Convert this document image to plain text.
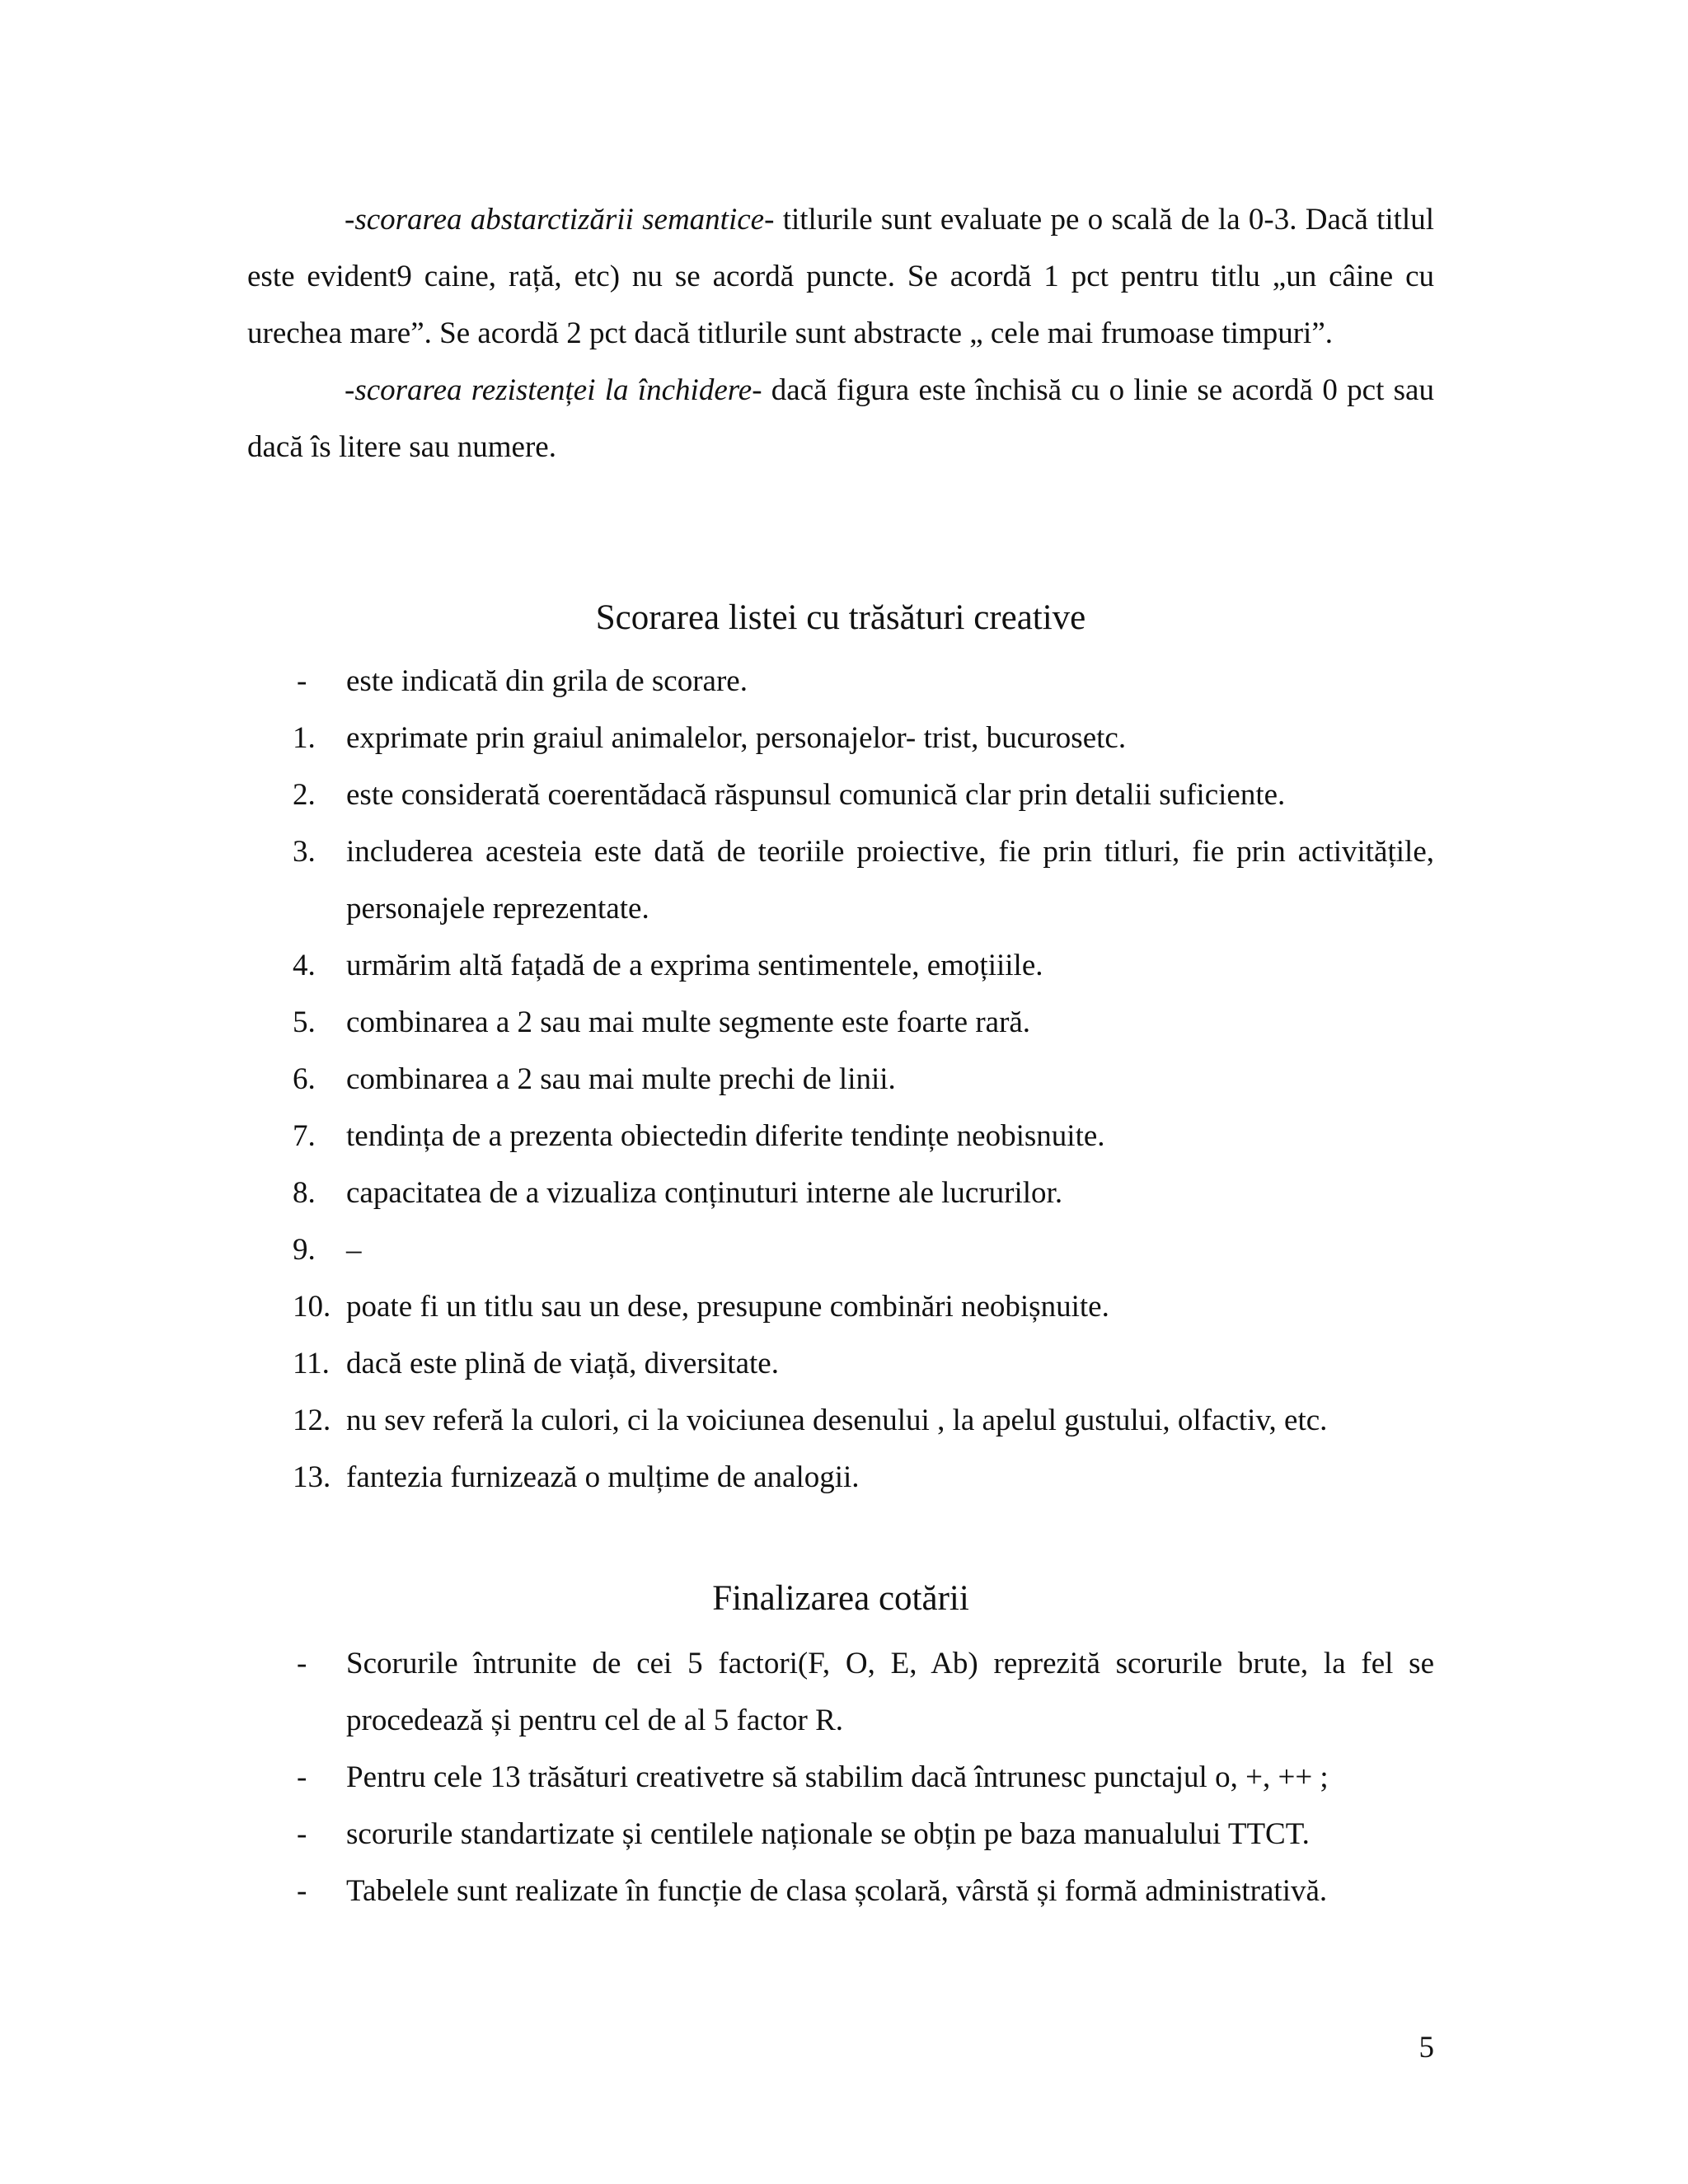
-scorarea abstarctizării semantice- titlurile sunt evaluate pe o scală de la 0-3. Dacă titlul este evident9 caine, rață, etc) nu se acordă puncte. Se acordă 1 pct pentru titlu „un câine cu urechea mare”. Se acordă 2 pct dacă titlurile sunt abstracte „ cele mai frumoase timpuri”.

-scorarea rezistenței la închidere- dacă figura este închisă cu o linie se acordă 0 pct sau dacă îs litere sau numere.

Scorarea listei cu trăsături creative
-	este indicată din grila de scorare.
1.	exprimate prin graiul animalelor, personajelor- trist, bucurosetc.
2.	este considerată coerentădacă răspunsul comunică clar prin detalii suficiente.
3.	includerea acesteia este dată de teoriile proiective, fie prin titluri, fie prin activitățile, personajele reprezentate.
4.	urmărim altă fațadă de a exprima sentimentele, emoțiiile.
5.	combinarea a 2 sau mai multe segmente este foarte rară.
6.	combinarea a 2 sau mai multe prechi de linii.
7.	tendința de a prezenta obiectedin diferite tendințe neobisnuite.
8.	capacitatea de a vizualiza conținuturi interne ale lucrurilor.
9.	–
10. poate fi un titlu sau un dese, presupune combinări neobișnuite.
11. dacă este plină de viață, diversitate.
12. nu sev referă la culori, ci la voiciunea desenului , la apelul gustului, olfactiv, etc.
13. fantezia furnizează o mulțime de analogii.
Finalizarea cotării
-	Scorurile întrunite de cei 5 factori(F, O, E, Ab) reprezită scorurile brute, la fel se procedează și pentru cel de al 5 factor R.
-	Pentru cele 13 trăsături creativetre să stabilim dacă întrunesc punctajul o, +, ++ ;
-	scorurile standartizate și centilele naționale se obțin pe baza manualului TTCT.
-	Tabelele sunt realizate în funcție de clasa școlară, vârstă și formă administrativă.
5
